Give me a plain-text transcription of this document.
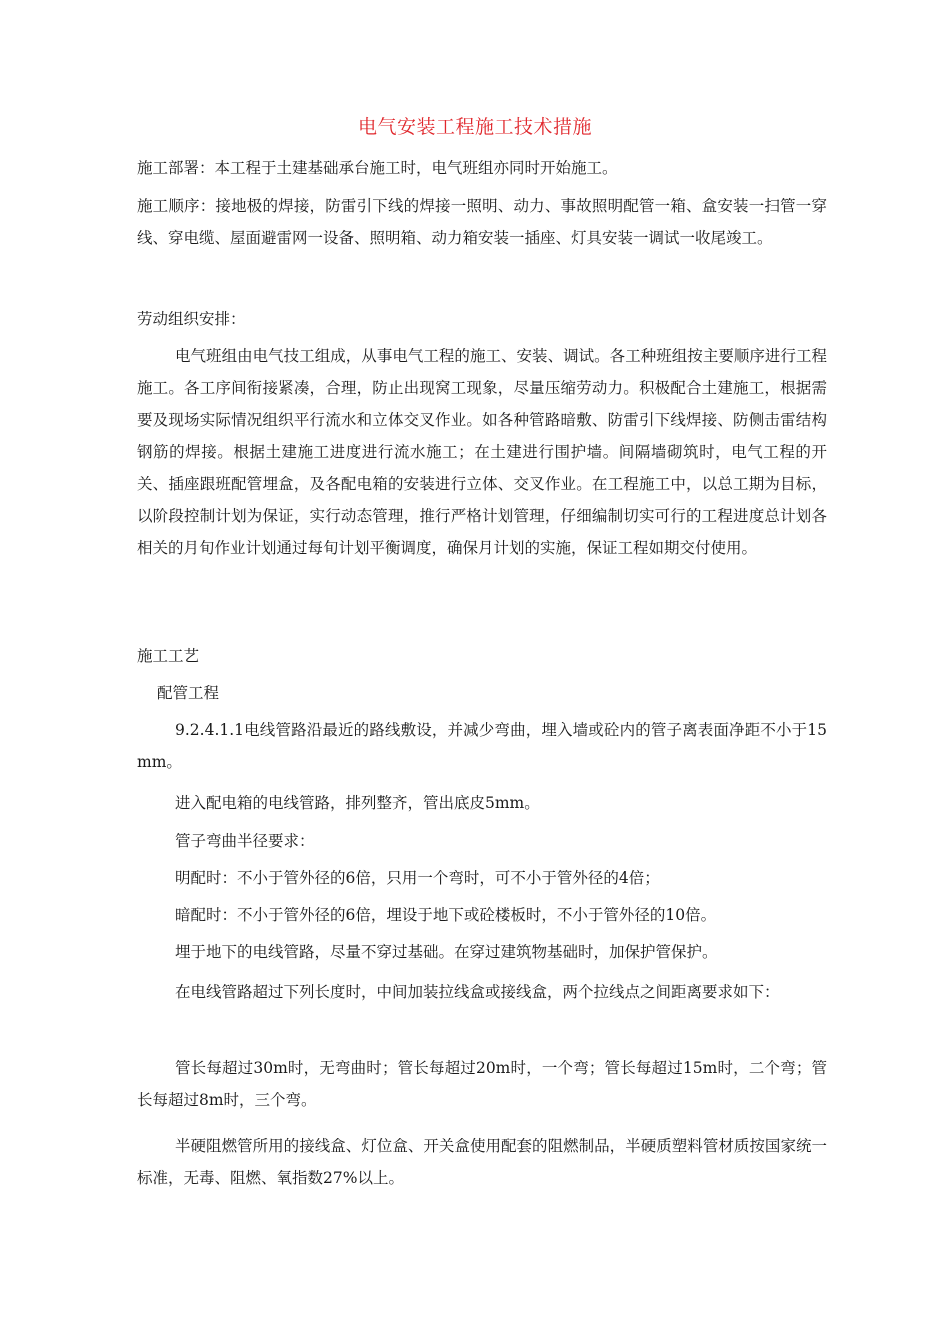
电气安装工程施工技术措施

施工部署：本工程于土建基础承台施工时，电气班组亦同时开始施工。

施工顺序：接地极的焊接，防雷引下线的焊接一照明、动力、事故照明配管一箱、盒安装一扫管一穿线、穿电缆、屋面避雷网一设备、照明箱、动力箱安装一插座、灯具安装一调试一收尾竣工。

劳动组织安排：

电气班组由电气技工组成，从事电气工程的施工、安装、调试。各工种班组按主要顺序进行工程施工。各工序间衔接紧凑，合理，防止出现窝工现象，尽量压缩劳动力。积极配合土建施工，根据需要及现场实际情况组织平行流水和立体交叉作业。如各种管路暗敷、防雷引下线焊接、防侧击雷结构钢筋的焊接。根据土建施工进度进行流水施工；在土建进行围护墙。间隔墙砌筑时，电气工程的开关、插座跟班配管埋盒，及各配电箱的安装进行立体、交叉作业。在工程施工中，以总工期为目标，以阶段控制计划为保证，实行动态管理，推行严格计划管理，仔细编制切实可行的工程进度总计划各相关的月旬作业计划通过每旬计划平衡调度，确保月计划的实施，保证工程如期交付使用。

施工工艺

配管工程

9.2.4.1.1电线管路沿最近的路线敷设，并减少弯曲，埋入墙或砼内的管子离表面净距不小于15 mm。

进入配电箱的电线管路，排列整齐，管出底皮5mm。

管子弯曲半径要求：

明配时：不小于管外径的6倍，只用一个弯时，可不小于管外径的4倍；

暗配时：不小于管外径的6倍，埋设于地下或砼楼板时，不小于管外径的10倍。

埋于地下的电线管路，尽量不穿过基础。在穿过建筑物基础时，加保护管保护。

在电线管路超过下列长度时，中间加装拉线盒或接线盒，两个拉线点之间距离要求如下：

管长每超过30m时，无弯曲时；管长每超过20m时，一个弯；管长每超过15m时，二个弯；管长每超过8m时，三个弯。

半硬阻燃管所用的接线盒、灯位盒、开关盒使用配套的阻燃制品，半硬质塑料管材质按国家统一标准，无毒、阻燃、氧指数27%以上。
